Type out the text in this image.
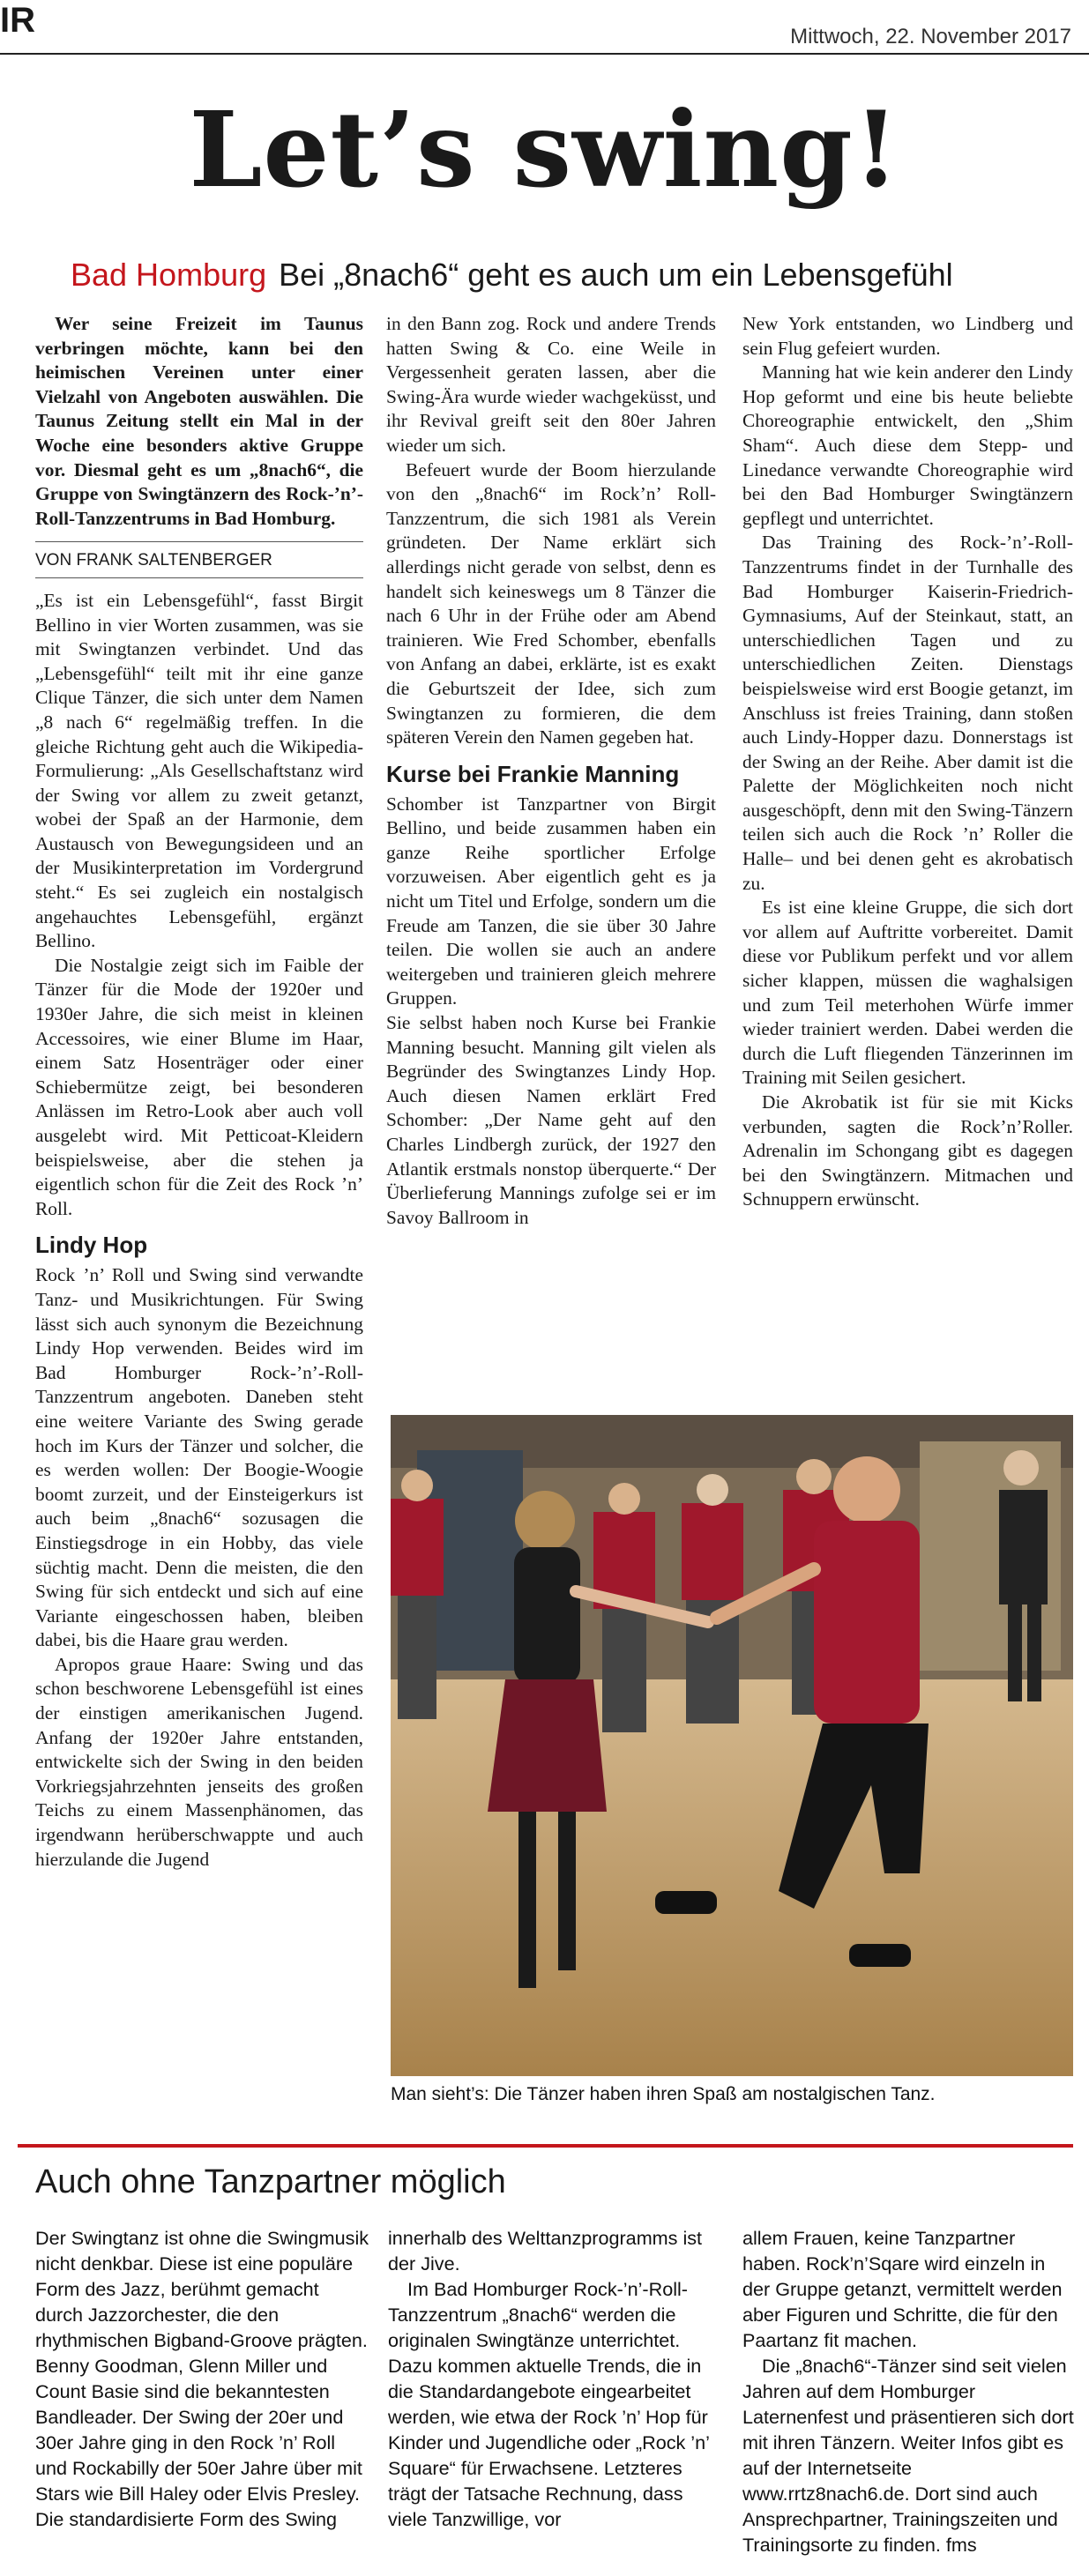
IR	Mittwoch, 22. November 2017
Let’s swing!
Bad Homburg Bei „8nach6“ geht es auch um ein Lebensgefühl

Wer seine Freizeit im Taunus verbringen möchte, kann bei den heimischen Vereinen unter einer Vielzahl von Angeboten auswählen. Die Taunus Zeitung stellt ein Mal in der Woche eine besonders aktive Gruppe vor. Diesmal geht es um „8nach6“, die Gruppe von Swingtänzern des Rock-’n’-Roll-Tanzzentrums in Bad Homburg.

VON FRANK SALTENBERGER

„Es ist ein Lebensgefühl“, fasst Birgit Bellino in vier Worten zusammen, was sie mit Swingtanzen verbindet. Und das „Lebensgefühl“ teilt mit ihr eine ganze Clique Tänzer, die sich unter dem Namen „8 nach 6“ regelmäßig treffen. In die gleiche Richtung geht auch die Wikipedia-Formulierung: „Als Gesellschaftstanz wird der Swing vor allem zu zweit getanzt, wobei der Spaß an der Harmonie, dem Austausch von Bewegungsideen und an der Musikinterpretation im Vordergrund steht.“ Es sei zugleich ein nostalgisch angehauchtes Lebensgefühl, ergänzt Bellino.

Die Nostalgie zeigt sich im Faible der Tänzer für die Mode der 1920er und 1930er Jahre, die sich meist in kleinen Accessoires, wie einer Blume im Haar, einem Satz Hosenträger oder einer Schiebermütze zeigt, bei besonderen Anlässen im Retro-Look aber auch voll ausgelebt wird. Mit Petticoat-Kleidern beispielsweise, aber die stehen ja eigentlich schon für die Zeit des Rock ’n’ Roll.

Lindy Hop

Rock ’n’ Roll und Swing sind verwandte Tanz- und Musikrichtungen. Für Swing lässt sich auch synonym die Bezeichnung Lindy Hop verwenden. Beides wird im Bad Homburger Rock-’n’-Roll-Tanzzentrum angeboten. Daneben steht eine weitere Variante des Swing gerade hoch im Kurs der Tänzer und solcher, die es werden wollen: Der Boogie-Woogie boomt zurzeit, und der Einsteigerkurs ist auch beim „8nach6“ sozusagen die Einstiegsdroge in ein Hobby, das viele süchtig macht. Denn die meisten, die den Swing für sich entdeckt und sich auf eine Variante eingeschossen haben, bleiben dabei, bis die Haare grau werden.

Apropos graue Haare: Swing und das schon beschworene Lebensgefühl ist eines der einstigen amerikanischen Jugend. Anfang der 1920er Jahre entstanden, entwickelte sich der Swing in den beiden Vorkriegsjahrzehnten jenseits des großen Teichs zu einem Massenphänomen, das irgendwann herüberschwappte und auch hierzulande die Jugend

in den Bann zog. Rock und andere Trends hatten Swing & Co. eine Weile in Vergessenheit geraten lassen, aber die Swing-Ära wurde wieder wachgeküsst, und ihr Revival greift seit den 80er Jahren wieder um sich.

Befeuert wurde der Boom hierzulande von den „8nach6“ im Rock’n’ Roll-Tanzzentrum, die sich 1981 als Verein gründeten. Der Name erklärt sich allerdings nicht gerade von selbst, denn es handelt sich keineswegs um 8 Tänzer die nach 6 Uhr in der Frühe oder am Abend trainieren. Wie Fred Schomber, ebenfalls von Anfang an dabei, erklärte, ist es exakt die Geburtszeit der Idee, sich zum Swingtanzen zu formieren, die dem späteren Verein den Namen gegeben hat.

Kurse bei Frankie Manning

Schomber ist Tanzpartner von Birgit Bellino, und beide zusammen haben ein ganze Reihe sportlicher Erfolge vorzuweisen. Aber eigentlich geht es ja nicht um Titel und Erfolge, sondern um die Freude am Tanzen, die sie über 30 Jahre teilen. Die wollen sie auch an andere weitergeben und trainieren gleich mehrere Gruppen.

Sie selbst haben noch Kurse bei Frankie Manning besucht. Manning gilt vielen als Begründer des Swingtanzes Lindy Hop. Auch diesen Namen erklärt Fred Schomber: „Der Name geht auf den Charles Lindbergh zurück, der 1927 den Atlantik erstmals nonstop überquerte.“ Der Überlieferung Mannings zufolge sei er im Savoy Ballroom in

New York entstanden, wo Lindberg und sein Flug gefeiert wurden.

Manning hat wie kein anderer den Lindy Hop geformt und eine bis heute beliebte Choreographie entwickelt, den „Shim Sham“. Auch diese dem Stepp- und Linedance verwandte Choreographie wird bei den Bad Homburger Swingtänzern gepflegt und unterrichtet.

Das Training des Rock-’n’-Roll-Tanzzentrums findet in der Turnhalle des Bad Homburger Kaiserin-Friedrich-Gymnasiums, Auf der Steinkaut, statt, an unterschiedlichen Tagen und zu unterschiedlichen Zeiten. Dienstags beispielsweise wird erst Boogie getanzt, im Anschluss ist freies Training, dann stoßen auch Lindy-Hopper dazu. Donnerstags ist der Swing an der Reihe. Aber damit ist die Palette der Möglichkeiten noch nicht ausgeschöpft, denn mit den Swing-Tänzern teilen sich auch die Rock ’n’ Roller die Halle– und bei denen geht es akrobatisch zu.

Es ist eine kleine Gruppe, die sich dort vor allem auf Auftritte vorbereitet. Damit diese vor Publikum perfekt und vor allem sicher klappen, müssen die waghalsigen und zum Teil meterhohen Würfe immer wieder trainiert werden. Dabei werden die durch die Luft fliegenden Tänzerinnen im Training mit Seilen gesichert.

Die Akrobatik ist für sie mit Kicks verbunden, sagten die Rock’n’Roller. Adrenalin im Schongang gibt es dagegen bei den Swingtänzern. Mitmachen und Schnuppern erwünscht.

Man sieht’s: Die Tänzer haben ihren Spaß am nostalgischen Tanz.
Auch ohne Tanzpartner möglich

Der Swingtanz ist ohne die Swingmusik nicht denkbar. Diese ist eine populäre Form des Jazz, berühmt gemacht durch Jazzorchester, die den rhythmischen Bigband-Groove prägten. Benny Goodman, Glenn Miller und Count Basie sind die bekanntesten Bandleader. Der Swing der 20er und 30er Jahre ging in den Rock ’n’ Roll und Rockabilly der 50er Jahre über mit Stars wie Bill Haley oder Elvis Presley. Die standardisierte Form des Swing

innerhalb des Welttanzprogramms ist der Jive.

Im Bad Homburger Rock-’n’-Roll-Tanzzentrum „8nach6“ werden die originalen Swingtänze unterrichtet. Dazu kommen aktuelle Trends, die in die Standardangebote eingearbeitet werden, wie etwa der Rock ’n’ Hop für Kinder und Jugendliche oder „Rock ’n’ Square“ für Erwachsene. Letzteres trägt der Tatsache Rechnung, dass viele Tanzwillige, vor

allem Frauen, keine Tanzpartner haben. Rock’n’Sqare wird einzeln in der Gruppe getanzt, vermittelt werden aber Figuren und Schritte, die für den Paartanz fit machen.

Die „8nach6“-Tänzer sind seit vielen Jahren auf dem Homburger Laternenfest und präsentieren sich dort mit ihren Tänzern. Weiter Infos gibt es auf der Internetseite www.rrtz8nach6.de. Dort sind auch Ansprechpartner, Trainingszeiten und Trainingsorte zu finden. fms
